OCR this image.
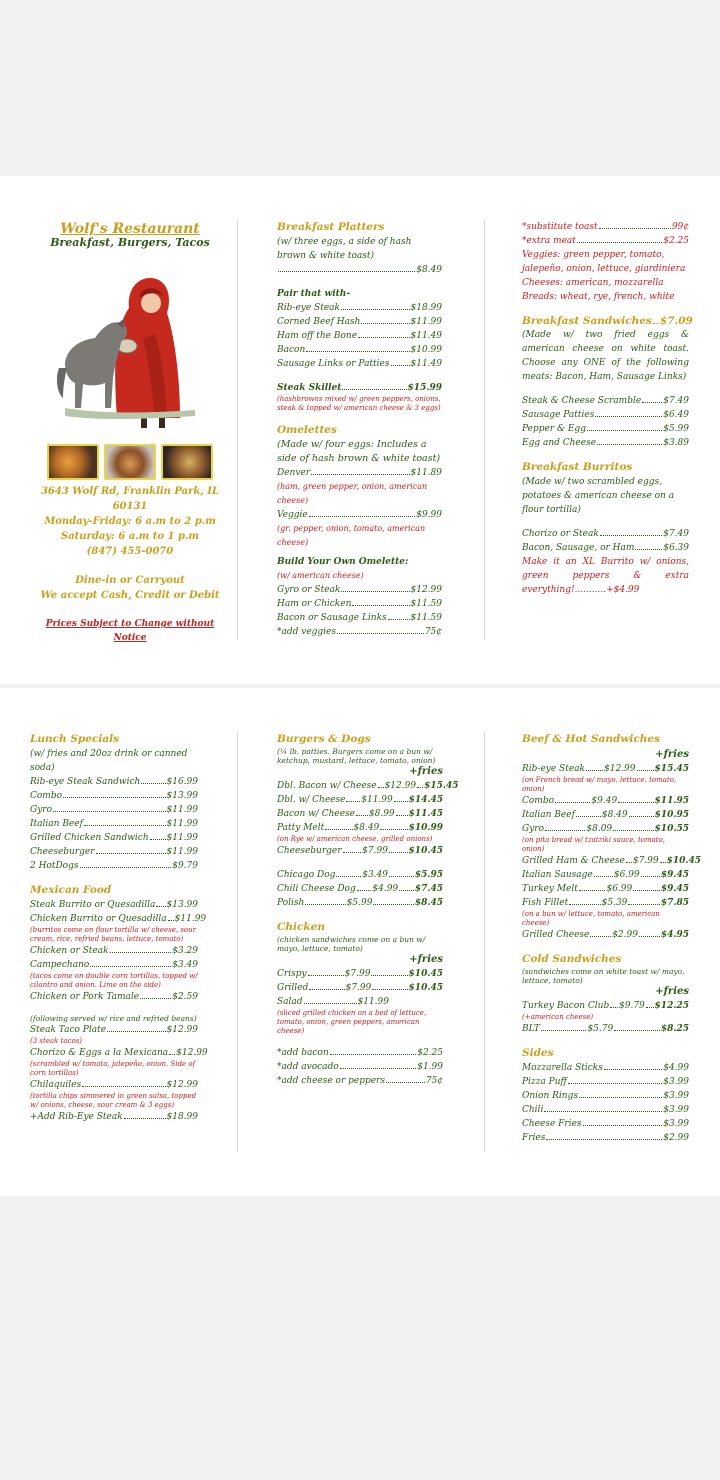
Wolf's Restaurant
Breakfast, Burgers, Tacos
3643 Wolf Rd, Franklin Park, IL 60131
Monday-Friday: 6 a.m to 2 p.m
Saturday: 6 a.m to 1 p.m
(847) 455-0070
Dine-in or Carryout
We accept Cash, Credit or Debit
Prices Subject to Change without Notice
Breakfast Platters
(w/ three eggs, a side of hash brown & white toast)
$8.49
Pair that with-
Rib-eye Steak	$18.99
Corned Beef Hash	$11.99
Ham off the Bone	$11.49
Bacon	$10.99
Sausage Links or Patties $11.49
Steak Skillet	$15.99
(hashbrowns mixed w/ green peppers, onions, steak & topped w/ american cheese & 3 eggs)
Omelettes
(Made w/ four eggs: Includes a side of hash brown & white toast)
Denver	$11.89
(ham, green pepper, onion, american cheese)
Veggie	$9.99
(gr. pepper, onion, tomato, american cheese)
Build Your Own Omelette:
(w/ american cheese)
Gyro or Steak	$12.99
Ham or Chicken	$11.59
Bacon or Sausage Links	$11.59
*add veggies	75¢
*substitute toast	99¢
*extra meat	$2.25
Veggies: green pepper, tomato, jalepeño, onion, lettuce, giardiniera
Cheeses: american, mozzarella
Breads: wheat, rye, french, white
Breakfast Sandwiches $7.09
(Made w/ two fried eggs & american cheese on white toast. Choose any ONE of the following meats: Bacon, Ham, Sausage Links)
Steak & Cheese Scramble $7.49
Sausage Patties	$6.49
Pepper & Egg	$5.99
Egg and Cheese	$3.89
Breakfast Burritos
(Made w/ two scrambled eggs, potatoes & american cheese on a flour tortilla)
Chorizo or Steak	$7.49
Bacon, Sausage, or Ham	$6.39
Make it an XL Burrito w/ onions, green peppers & extra everything!...........+$4.99
Lunch Specials
(w/ fries and 20oz drink or canned soda)
Rib-eye Steak Sandwich	$16.99
Combo	$13.99
Gyro	$11.99
Italian Beef	$11.99
Grilled Chicken Sandwich $11.99
Cheeseburger	$11.99
2 HotDogs	$9.79
Mexican Food
Steak Burrito or Quesadilla $13.99
Chicken Burrito or Quesadilla $11.99
(burritos come on flour tortilla w/ cheese, sour cream, rice, refried beans, lettuce, tomato)
Chicken or Steak	$3.29
Campechano	$3.49
(tacos come on double corn tortillas, topped w/ cilantro and onion. Lime on the side)
Chicken or Pork Tamale	$2.59
(following served w/ rice and refried beans)
Steak Taco Plate	$12.99
(3 steak tacos)
Chorizo & Eggs a la Mexicana $12.99
(scrambled w/ tomato, jalepeño, onion. Side of corn tortillas)
Chilaquiles	$12.99
(tortilla chips simmered in green salsa, topped w/ onions, cheese, sour cream & 3 eggs)
+Add Rib-Eye Steak	$18.99
Burgers & Dogs
(¼ lb. patties. Burgers come on a bun w/ ketchup, mustard, lettuce, tomato, onion)
+fries
Dbl. Bacon w/ Cheese $12.99 $15.45
Dbl. w/ Cheese $11.99 $14.45
Bacon w/ Cheese $8.99 $11.45
Patty Melt	$8.49	$10.99
(on Rye w/ american cheese, grilled onions)
Cheeseburger $7.99 $10.45
Chicago Dog	$3.49	$5.95
Chili Cheese Dog $4.99 $7.45
Polish	$5.99	$8.45
Chicken
(chicken sandwiches come on a bun w/ mayo, lettuce, tomato)
+fries
Crispy	$7.99	$10.45
Grilled	$7.99	$10.45
Salad	$11.99
(sliced grilled chicken on a bed of lettuce, tomato, onion, green peppers, american cheese)
*add bacon	$2.25
*add avocado	$1.99
*add cheese or peppers	75¢
Beef & Hot Sandwiches
+fries
Rib-eye Steak $12.99 $15.45
(on French bread w/ mayo, lettuce, tomato, onion)
Combo	$9.49	$11.95
Italian Beef	$8.49	$10.95
Gyro	$8.09	$10.55
(on pita bread w/ tzatziki sauce, tomato, onion)
Grilled Ham & Cheese $7.99 $10.45
Italian Sausage $6.99 $9.45
Turkey Melt	$6.99	$9.45
Fish Fillet	$5.39	$7.85
(on a bun w/ lettuce, tomato, american cheese)
Grilled Cheese	$2.99	$4.95
Cold Sandwiches
(sandwiches come on white toast w/ mayo, lettuce, tomato)
+fries
Turkey Bacon Club $9.79 $12.25
(+american cheese)
BLT	$5.79	$8.25
Sides
Mozzarella Sticks	$4.99
Pizza Puff	$3.99
Onion Rings	$3.99
Chili	$3.99
Cheese Fries	$3.99
Fries	$2.99
